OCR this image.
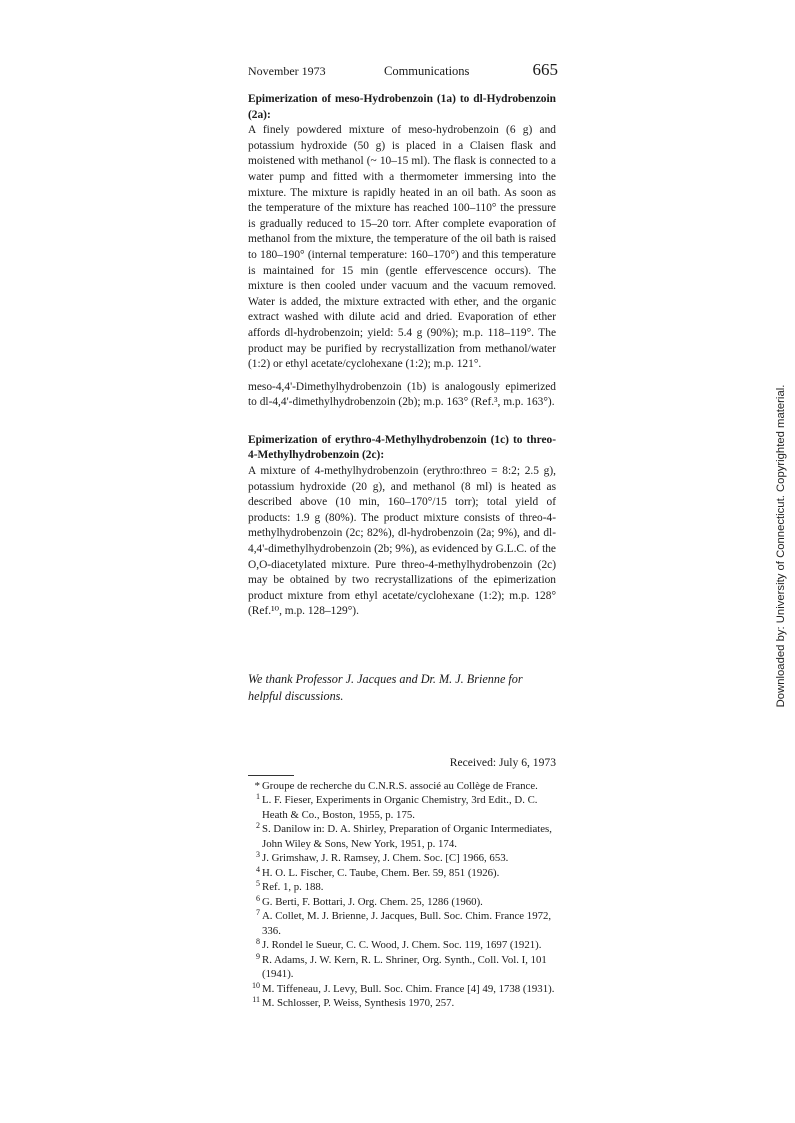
November 1973	Communications	665

Epimerization of meso-Hydrobenzoin (1a) to dl-Hydrobenzoin (2a):

A finely powdered mixture of meso-hydrobenzoin (6 g) and potassium hydroxide (50 g) is placed in a Claisen flask and moistened with methanol (~ 10–15 ml). The flask is connected to a water pump and fitted with a thermometer immersing into the mixture. The mixture is rapidly heated in an oil bath. As soon as the temperature of the mixture has reached 100–110° the pressure is gradually reduced to 15–20 torr. After complete evaporation of methanol from the mixture, the temperature of the oil bath is raised to 180–190° (internal temperature: 160–170°) and this temperature is maintained for 15 min (gentle effervescence occurs). The mixture is then cooled under vacuum and the vacuum removed. Water is added, the mixture extracted with ether, and the organic extract washed with dilute acid and dried. Evaporation of ether affords dl-hydrobenzoin; yield: 5.4 g (90%); m.p. 118–119°. The product may be purified by recrystallization from methanol/water (1:2) or ethyl acetate/cyclohexane (1:2); m.p. 121°.

meso-4,4'-Dimethylhydrobenzoin (1b) is analogously epimerized to dl-4,4'-dimethylhydrobenzoin (2b); m.p. 163° (Ref.³, m.p. 163°).

Epimerization of erythro-4-Methylhydrobenzoin (1c) to threo-4-Methylhydrobenzoin (2c):

A mixture of 4-methylhydrobenzoin (erythro:threo = 8:2; 2.5 g), potassium hydroxide (20 g), and methanol (8 ml) is heated as described above (10 min, 160–170°/15 torr); total yield of products: 1.9 g (80%). The product mixture consists of threo-4-methylhydrobenzoin (2c; 82%), dl-hydrobenzoin (2a; 9%), and dl-4,4'-dimethylhydrobenzoin (2b; 9%), as evidenced by G.L.C. of the O,O-diacetylated mixture. Pure threo-4-methylhydrobenzoin (2c) may be obtained by two recrystallizations of the epimerization product mixture from ethyl acetate/cyclohexane (1:2); m.p. 128° (Ref.¹⁰, m.p. 128–129°).

We thank Professor J. Jacques and Dr. M. J. Brienne for helpful discussions.

Received: July 6, 1973

* Groupe de recherche du C.N.R.S. associé au Collège de France.

1 L. F. Fieser, Experiments in Organic Chemistry, 3rd Edit., D. C. Heath & Co., Boston, 1955, p. 175.

2 S. Danilow in: D. A. Shirley, Preparation of Organic Intermediates, John Wiley & Sons, New York, 1951, p. 174.

3 J. Grimshaw, J. R. Ramsey, J. Chem. Soc. [C] 1966, 653.

4 H. O. L. Fischer, C. Taube, Chem. Ber. 59, 851 (1926).

5 Ref. 1, p. 188.

6 G. Berti, F. Bottari, J. Org. Chem. 25, 1286 (1960).

7 A. Collet, M. J. Brienne, J. Jacques, Bull. Soc. Chim. France 1972, 336.

8 J. Rondel le Sueur, C. C. Wood, J. Chem. Soc. 119, 1697 (1921).

9 R. Adams, J. W. Kern, R. L. Shriner, Org. Synth., Coll. Vol. I, 101 (1941).

10 M. Tiffeneau, J. Levy, Bull. Soc. Chim. France [4] 49, 1738 (1931).

11 M. Schlosser, P. Weiss, Synthesis 1970, 257.

Downloaded by: University of Connecticut. Copyrighted material.
